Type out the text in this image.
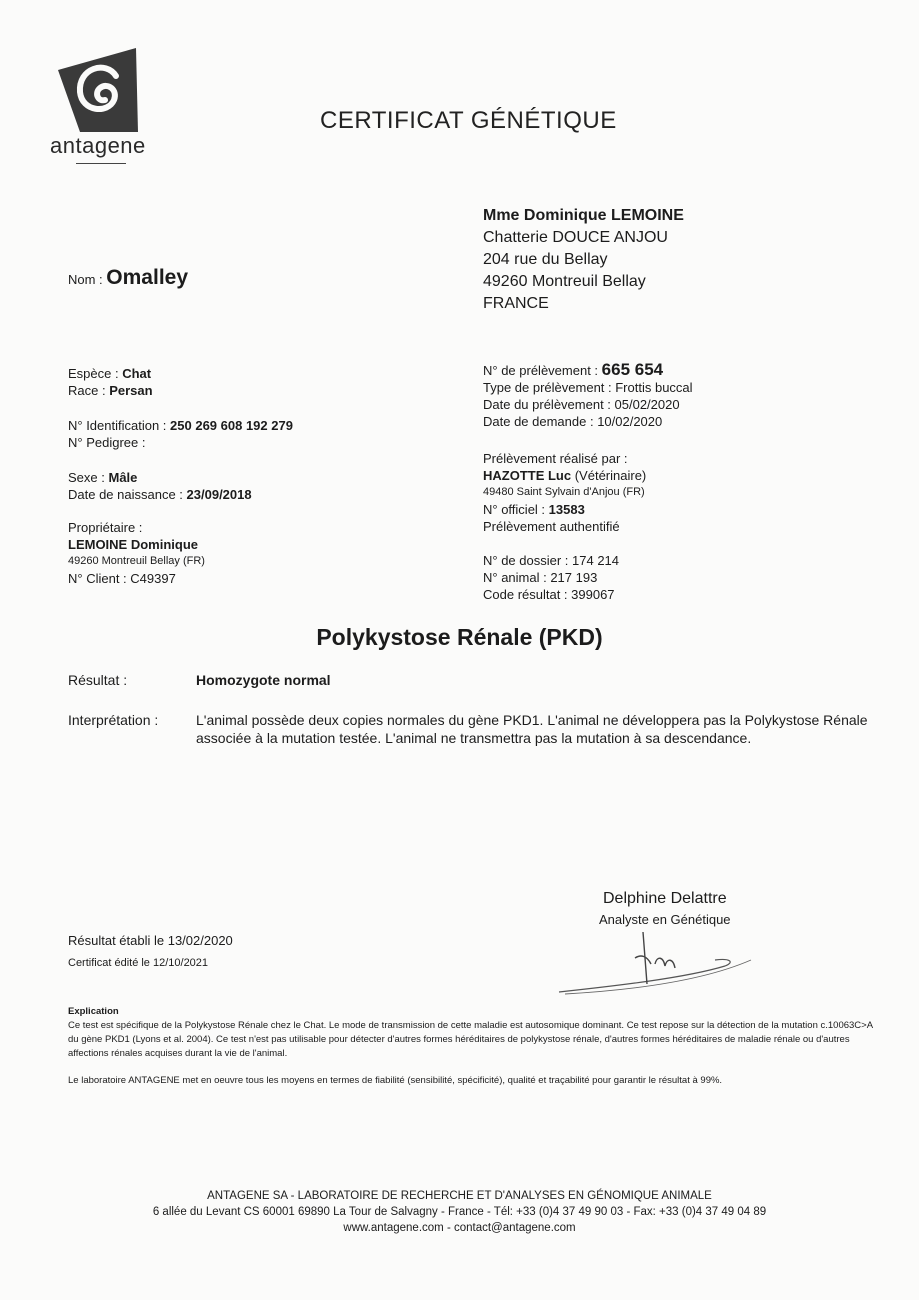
antagene
CERTIFICAT GÉNÉTIQUE
Mme Dominique LEMOINE
Chatterie DOUCE ANJOU
204 rue du Bellay
49260 Montreuil Bellay
FRANCE
Nom : Omalley
Espèce : Chat
Race : Persan
N° Identification : 250 269 608 192 279
N° Pedigree :
Sexe : Mâle
Date de naissance : 23/09/2018
Propriétaire :
LEMOINE Dominique
49260 Montreuil Bellay (FR)
N° Client : C49397
N° de prélèvement : 665 654
Type de prélèvement : Frottis buccal
Date du prélèvement : 05/02/2020
Date de demande : 10/02/2020
Prélèvement réalisé par :
HAZOTTE Luc (Vétérinaire)
49480 Saint Sylvain d'Anjou (FR)
N° officiel : 13583
Prélèvement authentifié
N° de dossier : 174 214
N° animal : 217 193
Code résultat : 399067
Polykystose Rénale (PKD)
Résultat :	Homozygote normal
Interprétation :	L'animal possède deux copies normales du gène PKD1. L'animal ne développera pas la Polykystose Rénale associée à la mutation testée. L'animal ne transmettra pas la mutation à sa descendance.
Delphine Delattre
Analyste en Génétique
Résultat établi le 13/02/2020
Certificat édité le 12/10/2021
Explication
Ce test est spécifique de la Polykystose Rénale chez le Chat. Le mode de transmission de cette maladie est autosomique dominant. Ce test repose sur la détection de la mutation c.10063C>A du gène PKD1 (Lyons et al. 2004). Ce test n'est pas utilisable pour détecter d'autres formes héréditaires de polykystose rénale, d'autres formes héréditaires de maladie rénale ou d'autres affections rénales acquises durant la vie de l'animal.
Le laboratoire ANTAGENE met en oeuvre tous les moyens en termes de fiabilité (sensibilité, spécificité), qualité et traçabilité pour garantir le résultat à 99%.
ANTAGENE SA - LABORATOIRE DE RECHERCHE ET D'ANALYSES EN GÉNOMIQUE ANIMALE
6 allée du Levant CS 60001 69890 La Tour de Salvagny - France - Tél: +33 (0)4 37 49 90 03 - Fax: +33 (0)4 37 49 04 89
www.antagene.com - contact@antagene.com
